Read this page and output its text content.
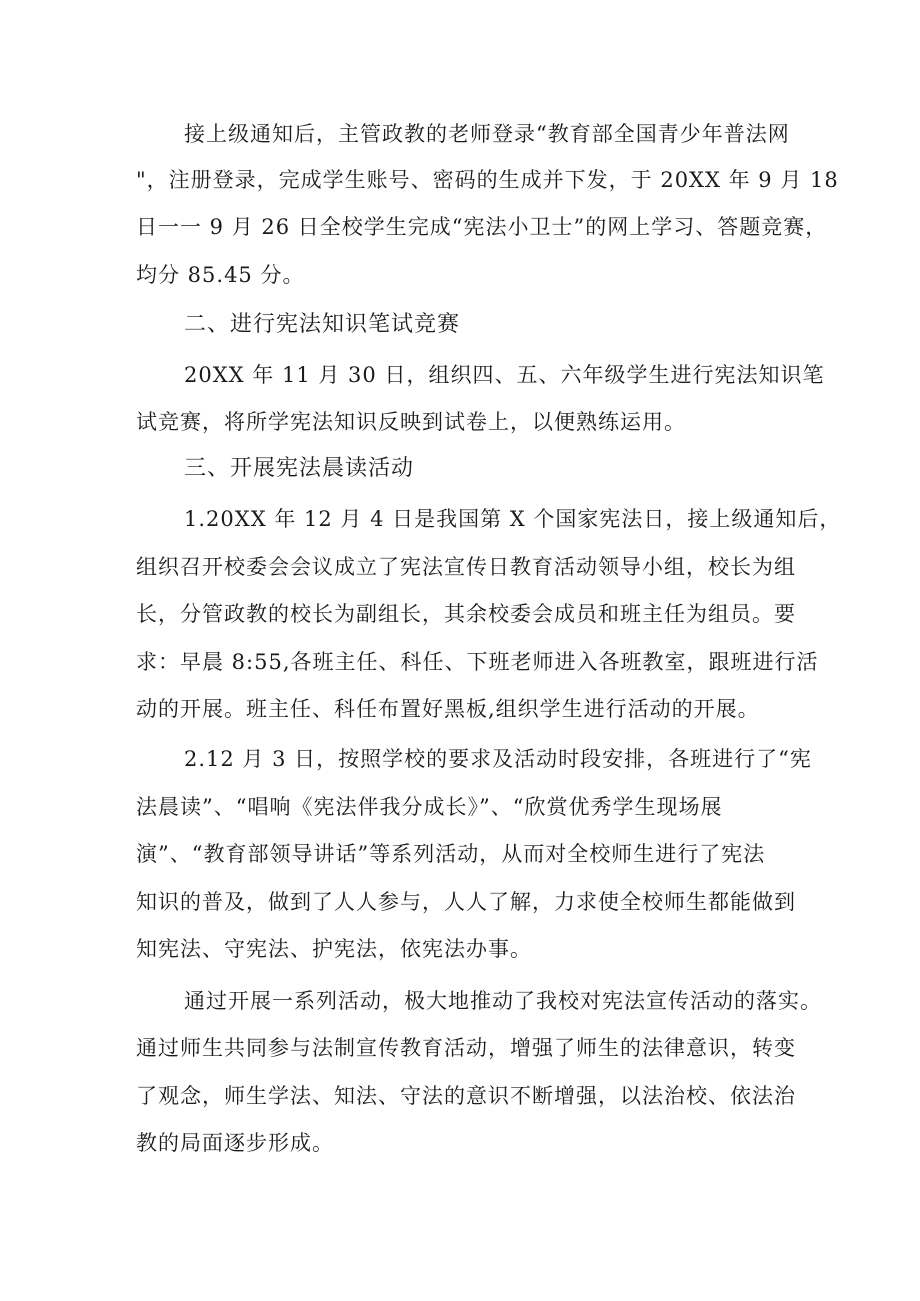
接上级通知后，主管政教的老师登录“教育部全国青少年普法网
"，注册登录，完成学生账号、密码的生成并下发，于 20XX 年 9 月 18
日一一 9 月 26 日全校学生完成“宪法小卫士”的网上学习、答题竞赛，
均分 85.45 分。
二、进行宪法知识笔试竞赛
20XX 年 11 月 30 日，组织四、五、六年级学生进行宪法知识笔
试竞赛，将所学宪法知识反映到试卷上，以便熟练运用。
三、开展宪法晨读活动
1.20XX 年 12 月 4 日是我国第 X 个国家宪法日，接上级通知后，
组织召开校委会会议成立了宪法宣传日教育活动领导小组，校长为组
长，分管政教的校长为副组长，其余校委会成员和班主任为组员。要
求：早晨 8:55,各班主任、科任、下班老师进入各班教室，跟班进行活
动的开展。班主任、科任布置好黑板,组织学生进行活动的开展。
2.12 月 3 日，按照学校的要求及活动时段安排，各班进行了“宪
法晨读”、“唱响《宪法伴我分成长》”、“欣赏优秀学生现场展
演”、“教育部领导讲话”等系列活动，从而对全校师生进行了宪法
知识的普及，做到了人人参与，人人了解，力求使全校师生都能做到
知宪法、守宪法、护宪法，依宪法办事。
通过开展一系列活动，极大地推动了我校对宪法宣传活动的落实。
通过师生共同参与法制宣传教育活动，增强了师生的法律意识，转变
了观念，师生学法、知法、守法的意识不断增强，以法治校、依法治
教的局面逐步形成。
